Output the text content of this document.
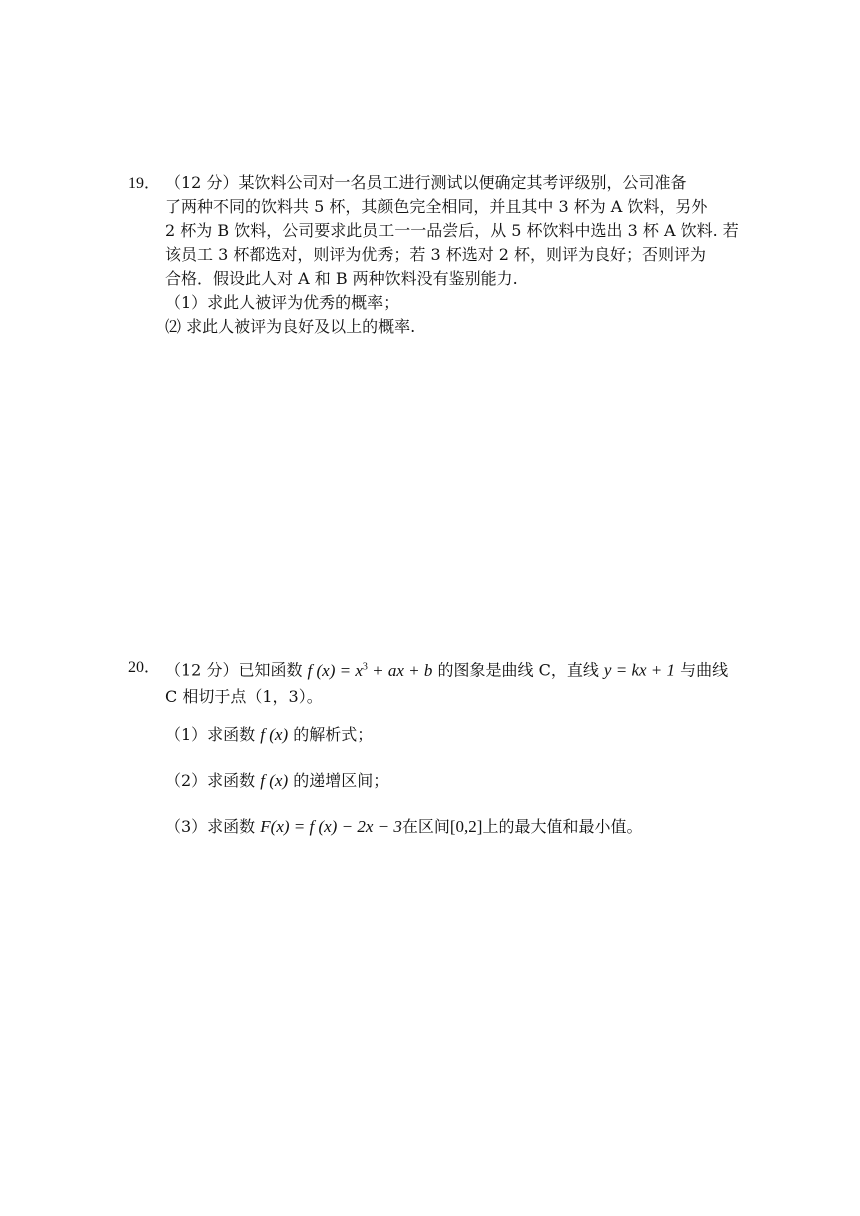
19． （12 分）某饮料公司对一名员工进行测试以便确定其考评级别，公司准备
了两种不同的饮料共 5 杯，其颜色完全相同，并且其中 3 杯为 A 饮料，另外
2 杯为 B 饮料，公司要求此员工一一品尝后，从 5 杯饮料中选出 3 杯 A 饮料. 若
该员工 3 杯都选对，则评为优秀；若 3 杯选对 2 杯，则评为良好；否则评为
合格．假设此人对 A 和 B 两种饮料没有鉴别能力.
（1）求此人被评为优秀的概率；
⑵ 求此人被评为良好及以上的概率.
20． （12 分）已知函数 f $(x) = x^3$ + ax + b 的图象是曲线 C，直线 y = kx + 1 与曲线
C 相切于点（1，3）。
（1）求函数 f (x) 的解析式；
（2）求函数 f (x) 的递增区间；
（3）求函数 F(x) = f (x) − 2x − 3在区间[0,2]上的最大值和最小值。
